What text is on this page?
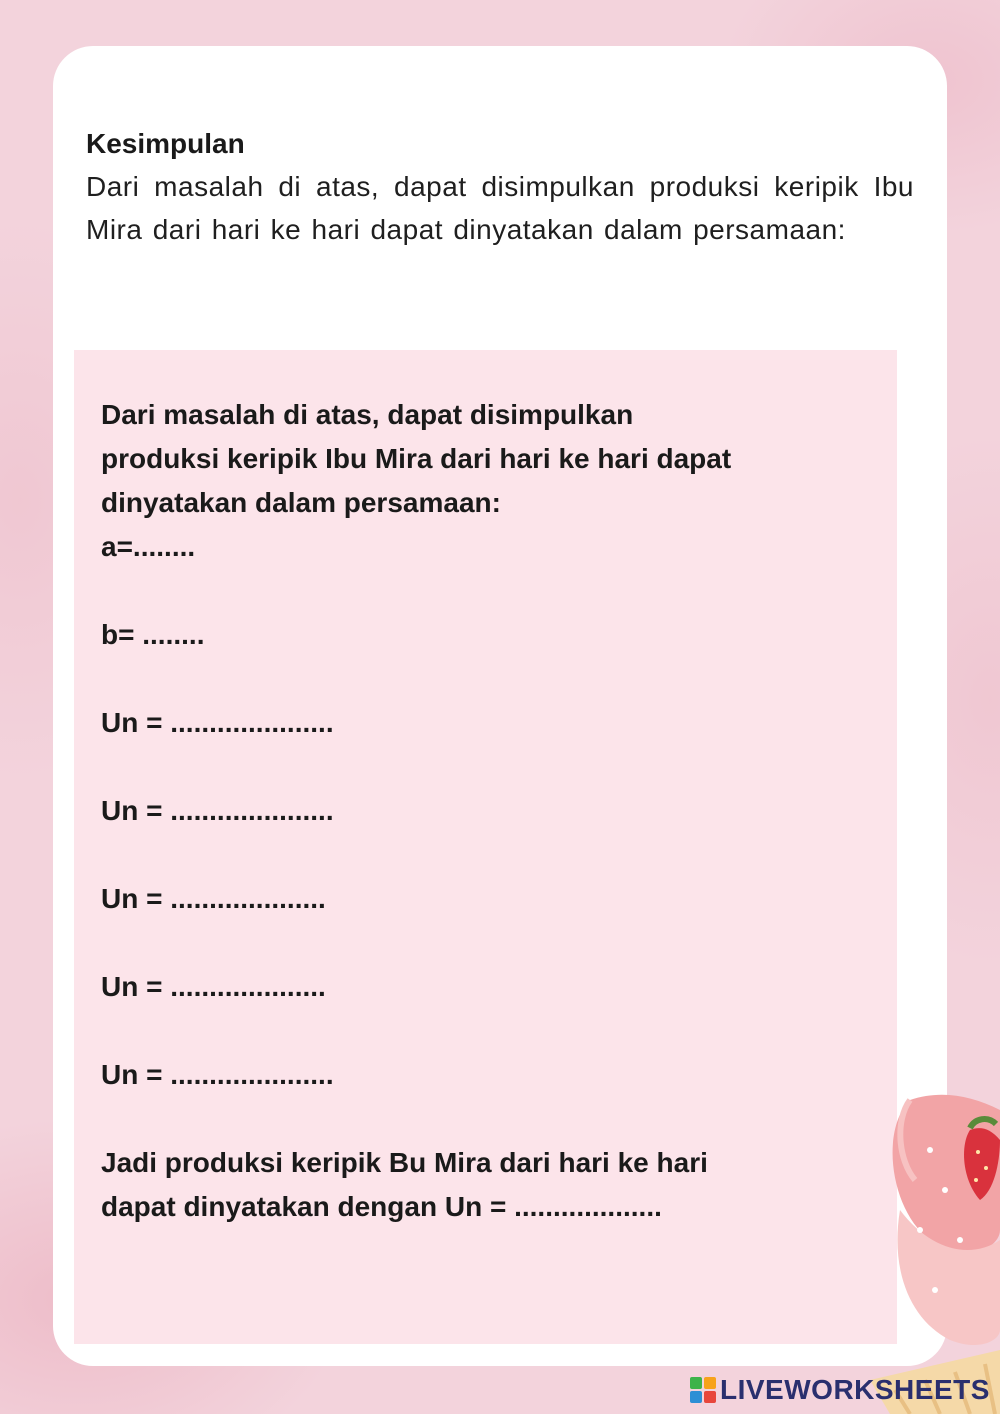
Kesimpulan
Dari masalah di atas, dapat disimpulkan produksi keripik Ibu Mira dari hari ke hari dapat dinyatakan dalam persamaan:

Dari masalah di atas, dapat disimpulkan

produksi keripik Ibu Mira dari hari ke hari dapat

dinyatakan dalam persamaan:

a=........

b= ........

Un = .....................

Un = .....................

Un = ....................

Un = ....................

Un = .....................

Jadi produksi keripik Bu Mira dari hari ke hari

dapat dinyatakan dengan Un = ...................

LIVEWORKSHEETS
